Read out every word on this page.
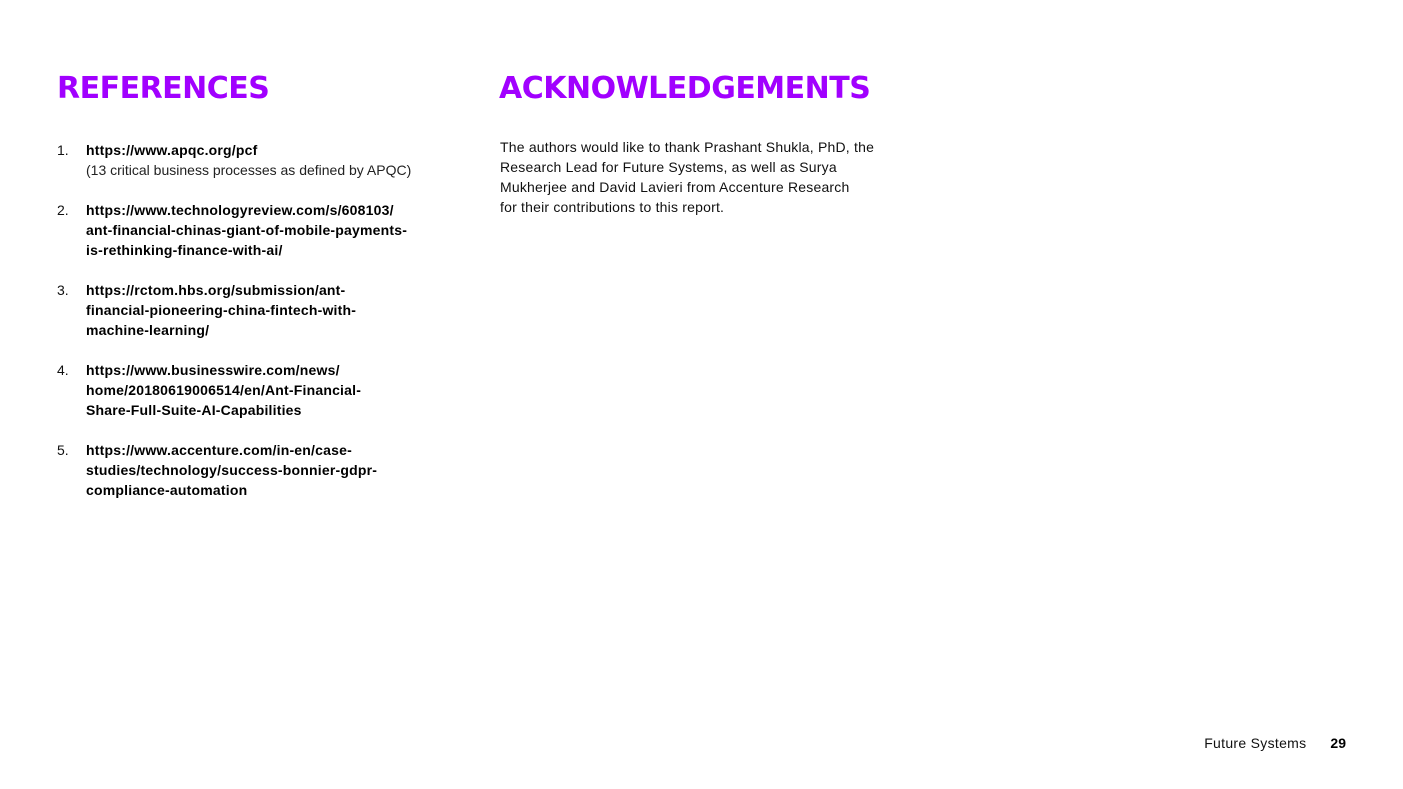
REFERENCES
1. https://www.apqc.org/pcf
(13 critical business processes as defined by APQC)
2. https://www.technologyreview.com/s/608103/
ant-financial-chinas-giant-of-mobile-payments-
is-rethinking-finance-with-ai/
3. https://rctom.hbs.org/submission/ant-
financial-pioneering-china-fintech-with-
machine-learning/
4. https://www.businesswire.com/news/
home/20180619006514/en/Ant-Financial-
Share-Full-Suite-AI-Capabilities
5. https://www.accenture.com/in-en/case-
studies/technology/success-bonnier-gdpr-
compliance-automation
ACKNOWLEDGEMENTS

The authors would like to thank Prashant Shukla, PhD, the
Research Lead for Future Systems, as well as Surya
Mukherjee and David Lavieri from Accenture Research
for their contributions to this report.

Future Systems 29
